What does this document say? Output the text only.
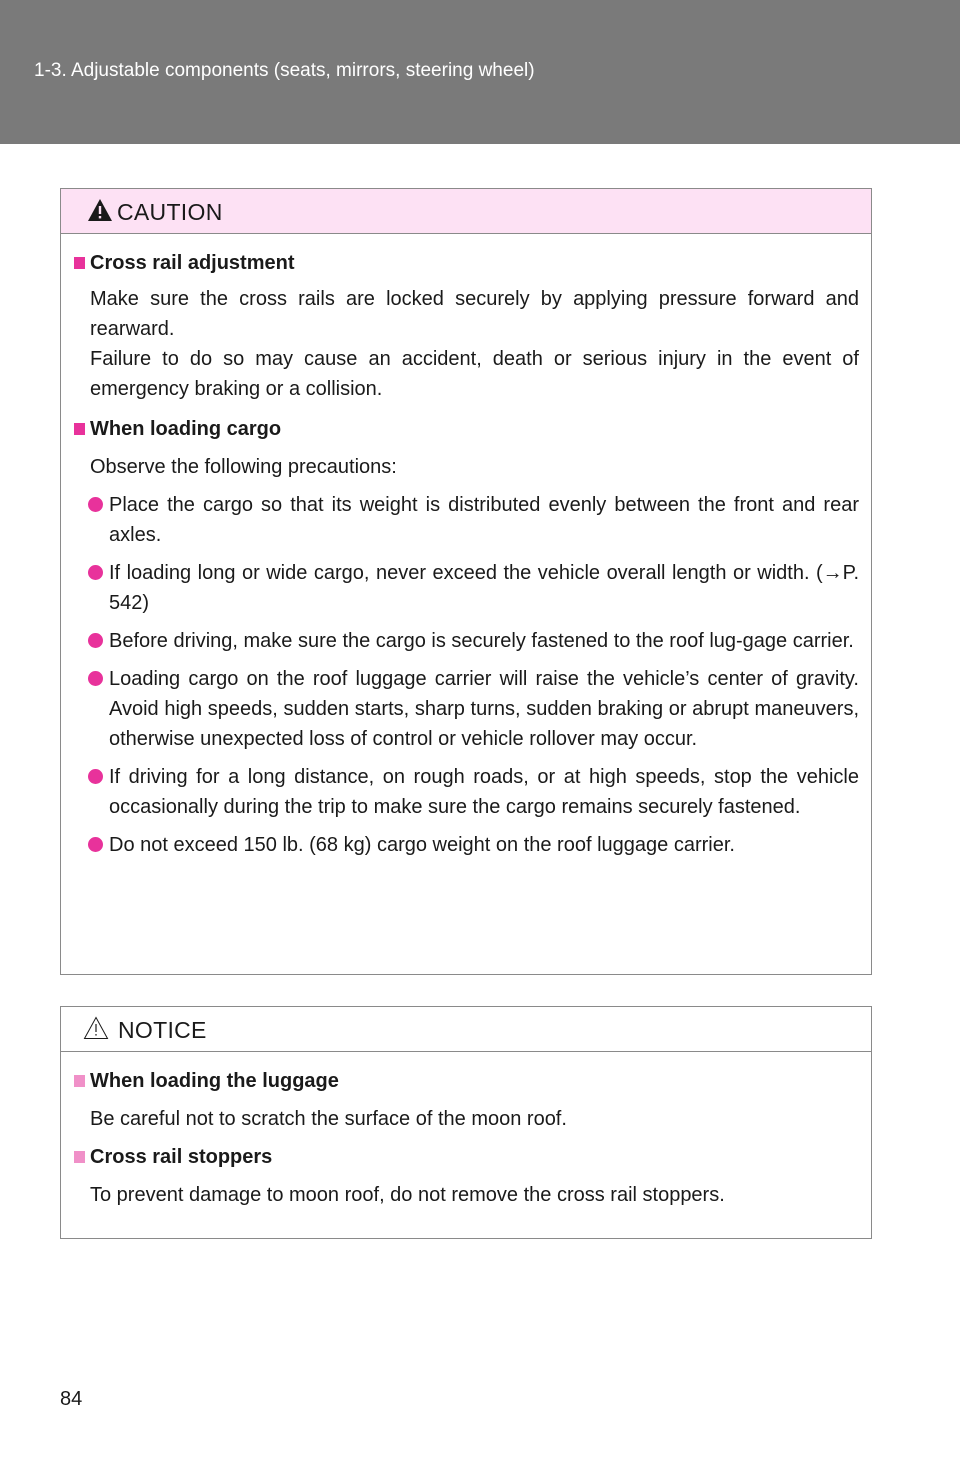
1-3. Adjustable components (seats, mirrors, steering wheel)
CAUTION
Cross rail adjustment
Make sure the cross rails are locked securely by applying pressure forward and rearward.
Failure to do so may cause an accident, death or serious injury in the event of emergency braking or a collision.
When loading cargo
Observe the following precautions:
Place the cargo so that its weight is distributed evenly between the front and rear axles.
If loading long or wide cargo, never exceed the vehicle overall length or width. (→P. 542)
Before driving, make sure the cargo is securely fastened to the roof lug-gage carrier.
Loading cargo on the roof luggage carrier will raise the vehicle’s center of gravity. Avoid high speeds, sudden starts, sharp turns, sudden braking or abrupt maneuvers, otherwise unexpected loss of control or vehicle rollover may occur.
If driving for a long distance, on rough roads, or at high speeds, stop the vehicle occasionally during the trip to make sure the cargo remains securely fastened.
Do not exceed 150 lb. (68 kg) cargo weight on the roof luggage carrier.
NOTICE
When loading the luggage
Be careful not to scratch the surface of the moon roof.
Cross rail stoppers
To prevent damage to moon roof, do not remove the cross rail stoppers.
84
